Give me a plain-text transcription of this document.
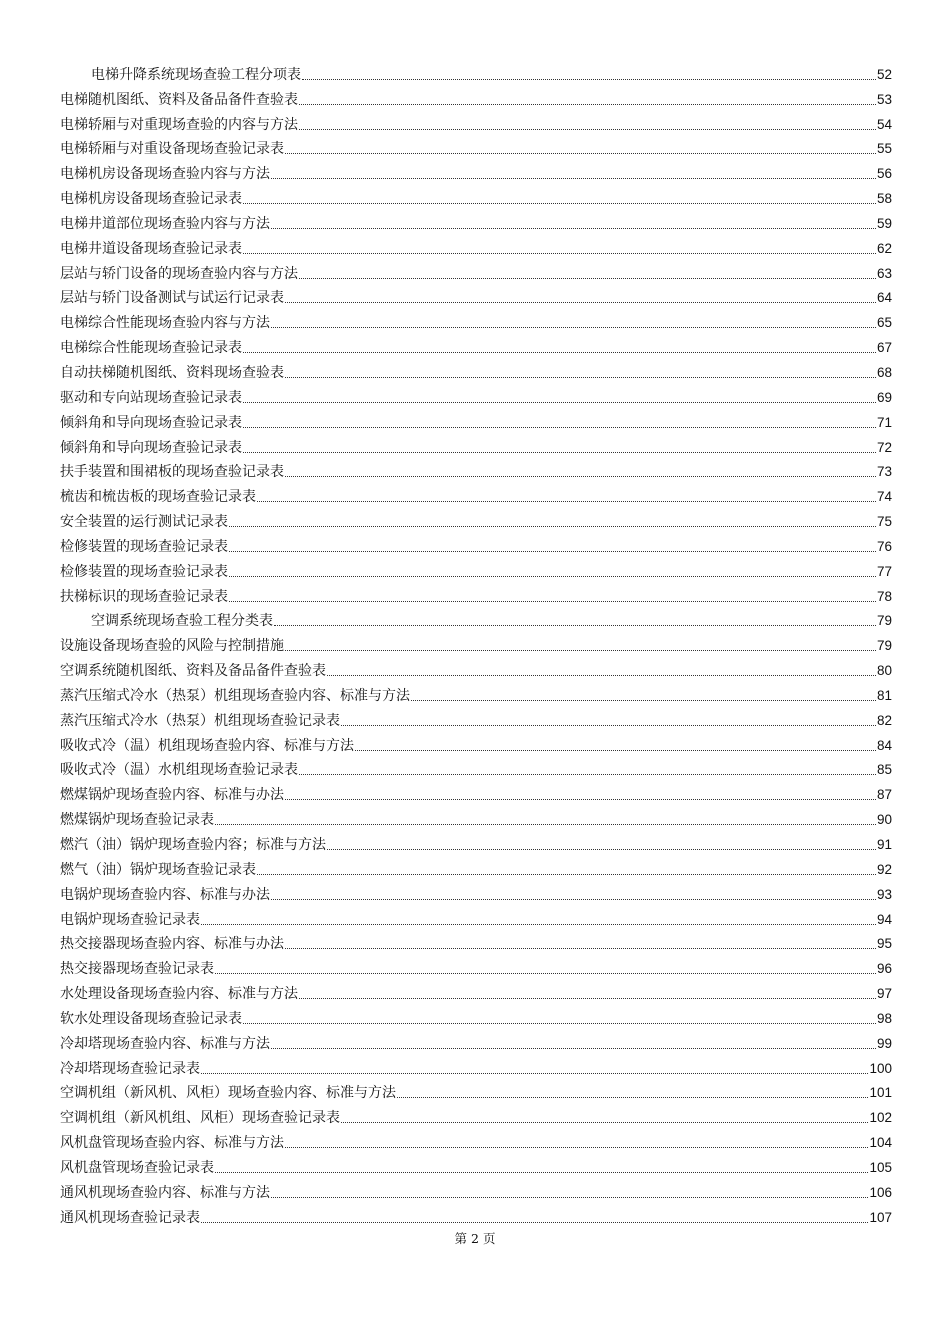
电梯升降系统现场查验工程分项表	52
电梯随机图纸、资料及备品备件查验表	53
电梯轿厢与对重现场查验的内容与方法	54
电梯轿厢与对重设备现场查验记录表	55
电梯机房设备现场查验内容与方法	56
电梯机房设备现场查验记录表	58
电梯井道部位现场查验内容与方法	59
电梯井道设备现场查验记录表	62
层站与轿门设备的现场查验内容与方法	63
层站与轿门设备测试与试运行记录表	64
电梯综合性能现场查验内容与方法	65
电梯综合性能现场查验记录表	67
自动扶梯随机图纸、资料现场查验表	68
驱动和专向站现场查验记录表	69
倾斜角和导向现场查验记录表	71
倾斜角和导向现场查验记录表	72
扶手装置和围裙板的现场查验记录表	73
梳齿和梳齿板的现场查验记录表	74
安全装置的运行测试记录表	75
检修装置的现场查验记录表	76
检修装置的现场查验记录表	77
扶梯标识的现场查验记录表	78
空调系统现场查验工程分类表	79
设施设备现场查验的风险与控制措施	79
空调系统随机图纸、资料及备品备件查验表	80
蒸汽压缩式冷水（热泵）机组现场查验内容、标准与方法	81
蒸汽压缩式冷水（热泵）机组现场查验记录表	82
吸收式冷（温）机组现场查验内容、标准与方法	84
吸收式冷（温）水机组现场查验记录表	85
燃煤锅炉现场查验内容、标准与办法	87
燃煤锅炉现场查验记录表	90
燃汽（油）锅炉现场查验内容；标准与方法	91
燃气（油）锅炉现场查验记录表	92
电锅炉现场查验内容、标准与办法	93
电锅炉现场查验记录表	94
热交接器现场查验内容、标准与办法	95
热交接器现场查验记录表	96
水处理设备现场查验内容、标准与方法	97
软水处理设备现场查验记录表	98
冷却塔现场查验内容、标准与方法	99
冷却塔现场查验记录表	100
空调机组（新风机、风柜）现场查验内容、标准与方法	101
空调机组（新风机组、风柜）现场查验记录表	102
风机盘管现场查验内容、标准与方法	104
风机盘管现场查验记录表	105
通风机现场查验内容、标准与方法	106
通风机现场查验记录表	107
第 2 页
